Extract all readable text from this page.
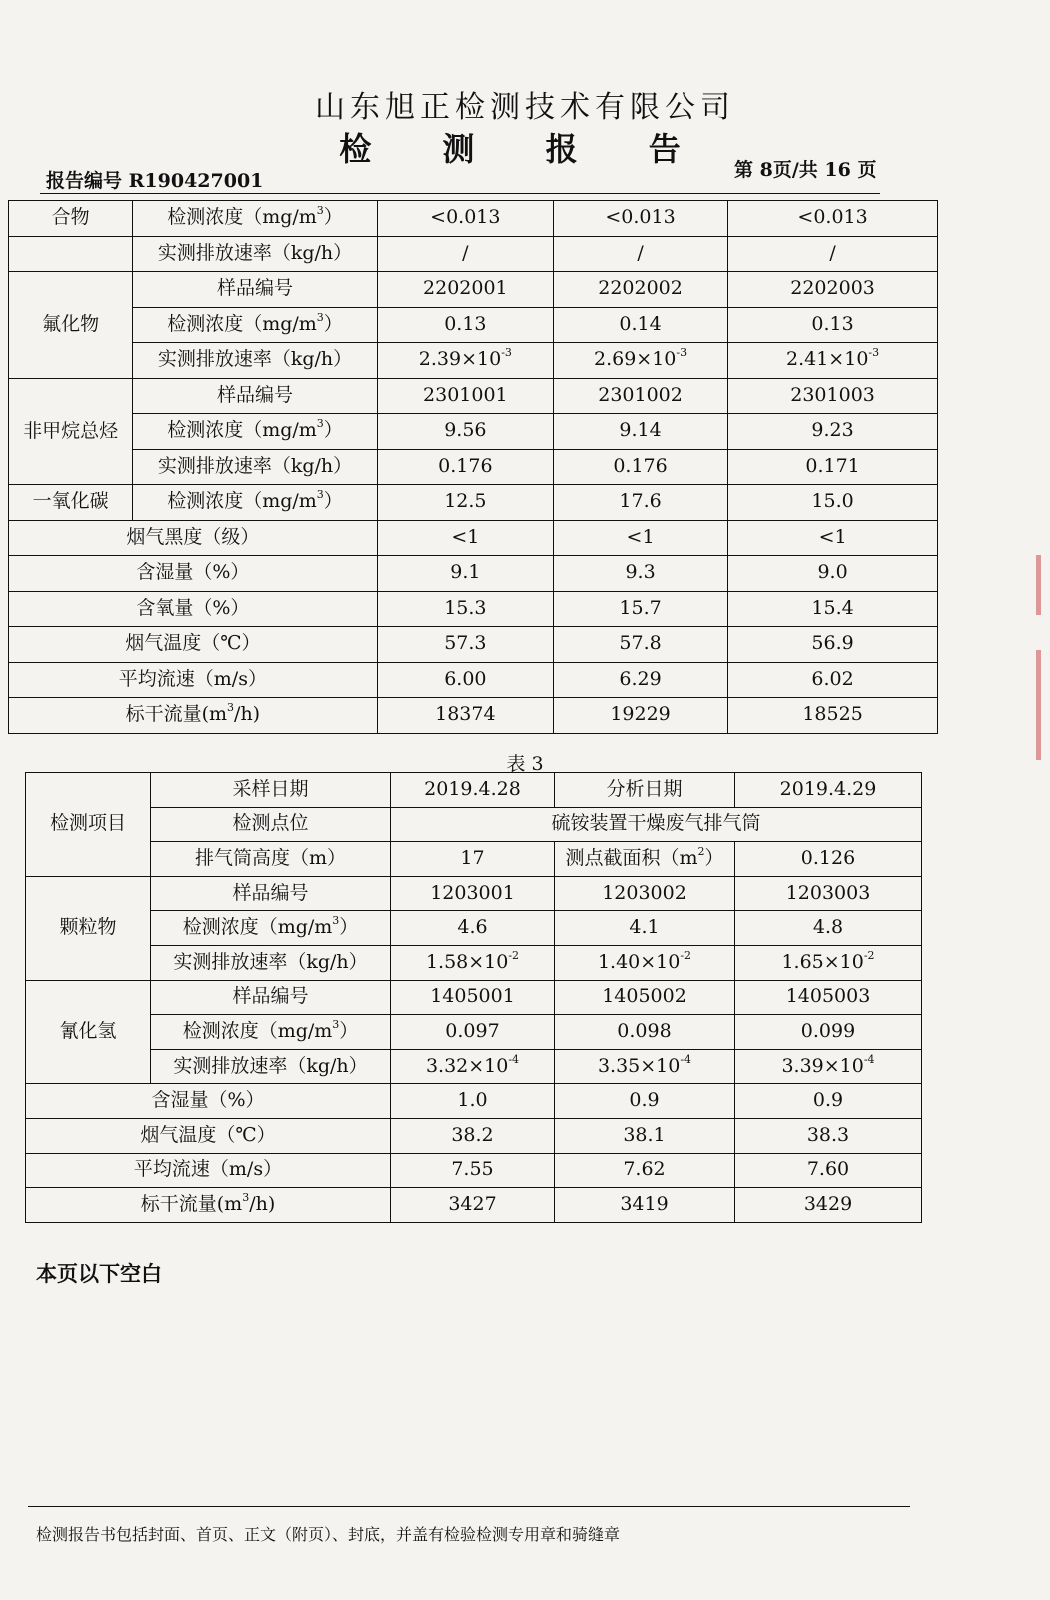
山东旭正检测技术有限公司
检 测 报 告
报告编号 R190427001	第 8页/共 16 页
合物	检测浓度$(mg/m^3)$	<0.013	<0.013	<0.013
	实测排放速率（kg/h）	/	/	/
氟化物	样品编号	2202001	2202002	2202003
	检测浓度$(mg/m^3)$	0.13	0.14	0.13
	实测排放速率（kg/h）	$2.39\times 10^{-3}$	$2.69\times 10^{-3}$	$2.41\times 10^{-3}$
非甲烷总烃	样品编号	2301001	2301002	2301003
	检测浓度$(mg/m^3)$	9.56	9.14	9.23
	实测排放速率（kg/h）	0.176	0.176	0.171
一氧化碳	检测浓度$(mg/m^3)$	12.5	17.6	15.0
烟气黑度（级）		<1	<1	<1
含湿量（%）		9.1	9.3	9.0
含氧量（%）		15.3	15.7	15.4
烟气温度（℃）		57.3	57.8	56.9
平均流速（m/s）		6.00	6.29	6.02
标干流量$(m^3/h)$		18374	19229	18525
表 3
检测项目	采样日期	2019.4.28	分析日期	2019.4.29
	检测点位	硫铵装置干燥废气排气筒		
	排气筒高度（m）	17	测点截面积$(m^2)$	0.126
颗粒物	样品编号	1203001	1203002	1203003
	检测浓度$(mg/m^3)$	4.6	4.1	4.8
	实测排放速率（kg/h）	$1.58\times 10^{-2}$	$1.40\times 10^{-2}$	$1.65\times 10^{-2}$
氰化氢	样品编号	1405001	1405002	1405003
	检测浓度$(mg/m^3)$	0.097	0.098	0.099
	实测排放速率（kg/h）	$3.32\times 10^{-4}$	$3.35\times 10^{-4}$	$3.39\times 10^{-4}$
含湿量（%）		1.0	0.9	0.9
烟气温度（℃）		38.2	38.1	38.3
平均流速（m/s）		7.55	7.62	7.60
标干流量$(m^3/h)$		3427	3419	3429
本页以下空白
检测报告书包括封面、首页、正文（附页）、封底，并盖有检验检测专用章和骑缝章
